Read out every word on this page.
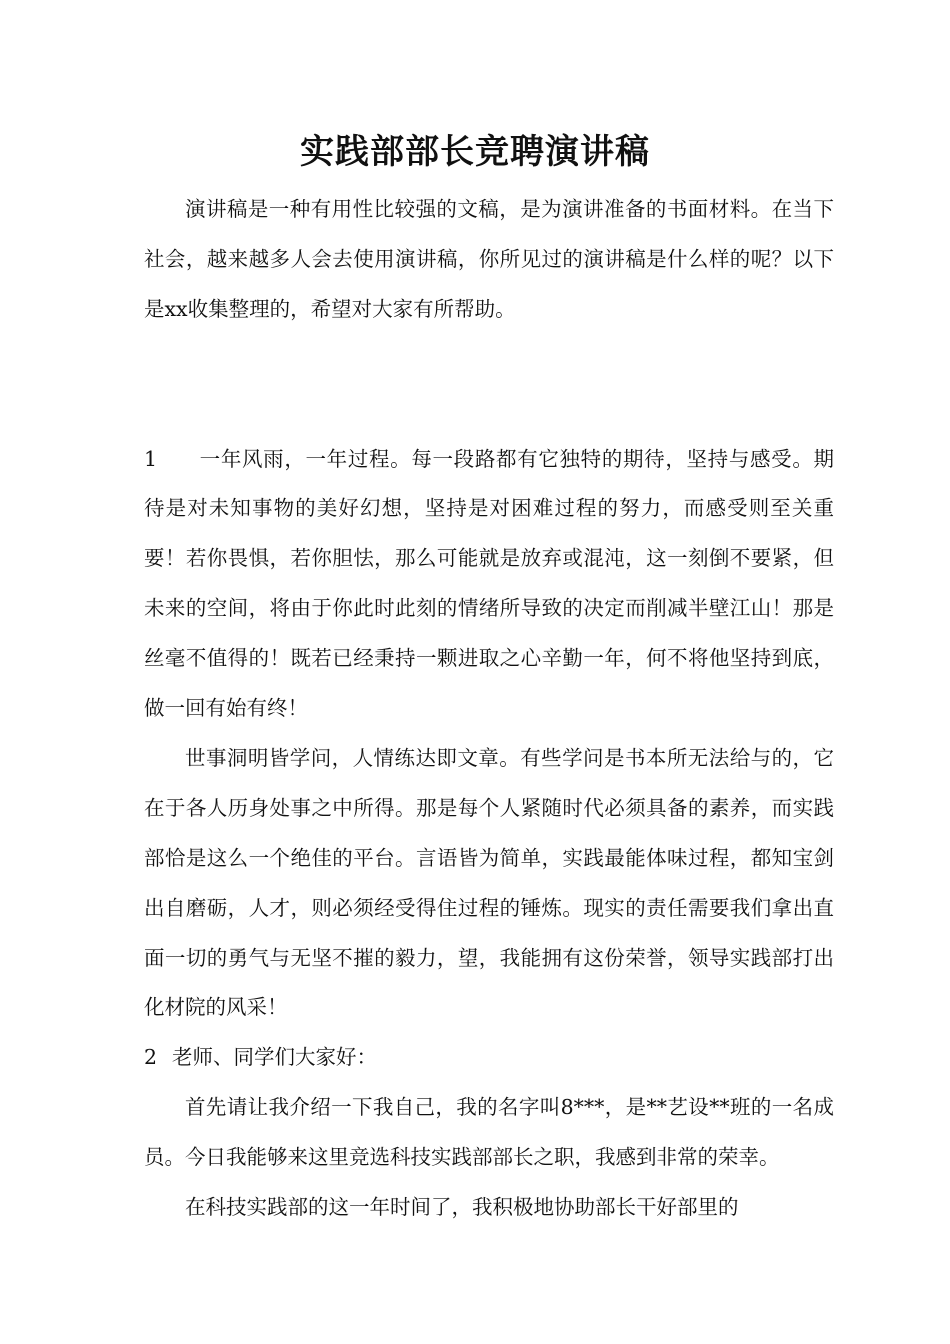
实践部部长竞聘演讲稿

演讲稿是一种有用性比较强的文稿，是为演讲准备的书面材料。在当下社会，越来越多人会去使用演讲稿，你所见过的演讲稿是什么样的呢？以下是xx收集整理的，希望对大家有所帮助。

1 一年风雨，一年过程。每一段路都有它独特的期待，坚持与感受。期待是对未知事物的美好幻想，坚持是对困难过程的努力，而感受则至关重要！若你畏惧，若你胆怯，那么可能就是放弃或混沌，这一刻倒不要紧，但未来的空间，将由于你此时此刻的情绪所导致的决定而削减半壁江山！那是丝毫不值得的！既若已经秉持一颗进取之心辛勤一年，何不将他坚持到底，做一回有始有终！

世事洞明皆学问，人情练达即文章。有些学问是书本所无法给与的，它在于各人历身处事之中所得。那是每个人紧随时代必须具备的素养，而实践部恰是这么一个绝佳的平台。言语皆为简单，实践最能体味过程，都知宝剑出自磨砺，人才，则必须经受得住过程的锤炼。现实的责任需要我们拿出直面一切的勇气与无坚不摧的毅力，望，我能拥有这份荣誉，领导实践部打出化材院的风采！

2 老师、同学们大家好：

首先请让我介绍一下我自己，我的名字叫8***，是**艺设**班的一名成员。今日我能够来这里竞选科技实践部部长之职，我感到非常的荣幸。

在科技实践部的这一年时间了，我积极地协助部长干好部里的
